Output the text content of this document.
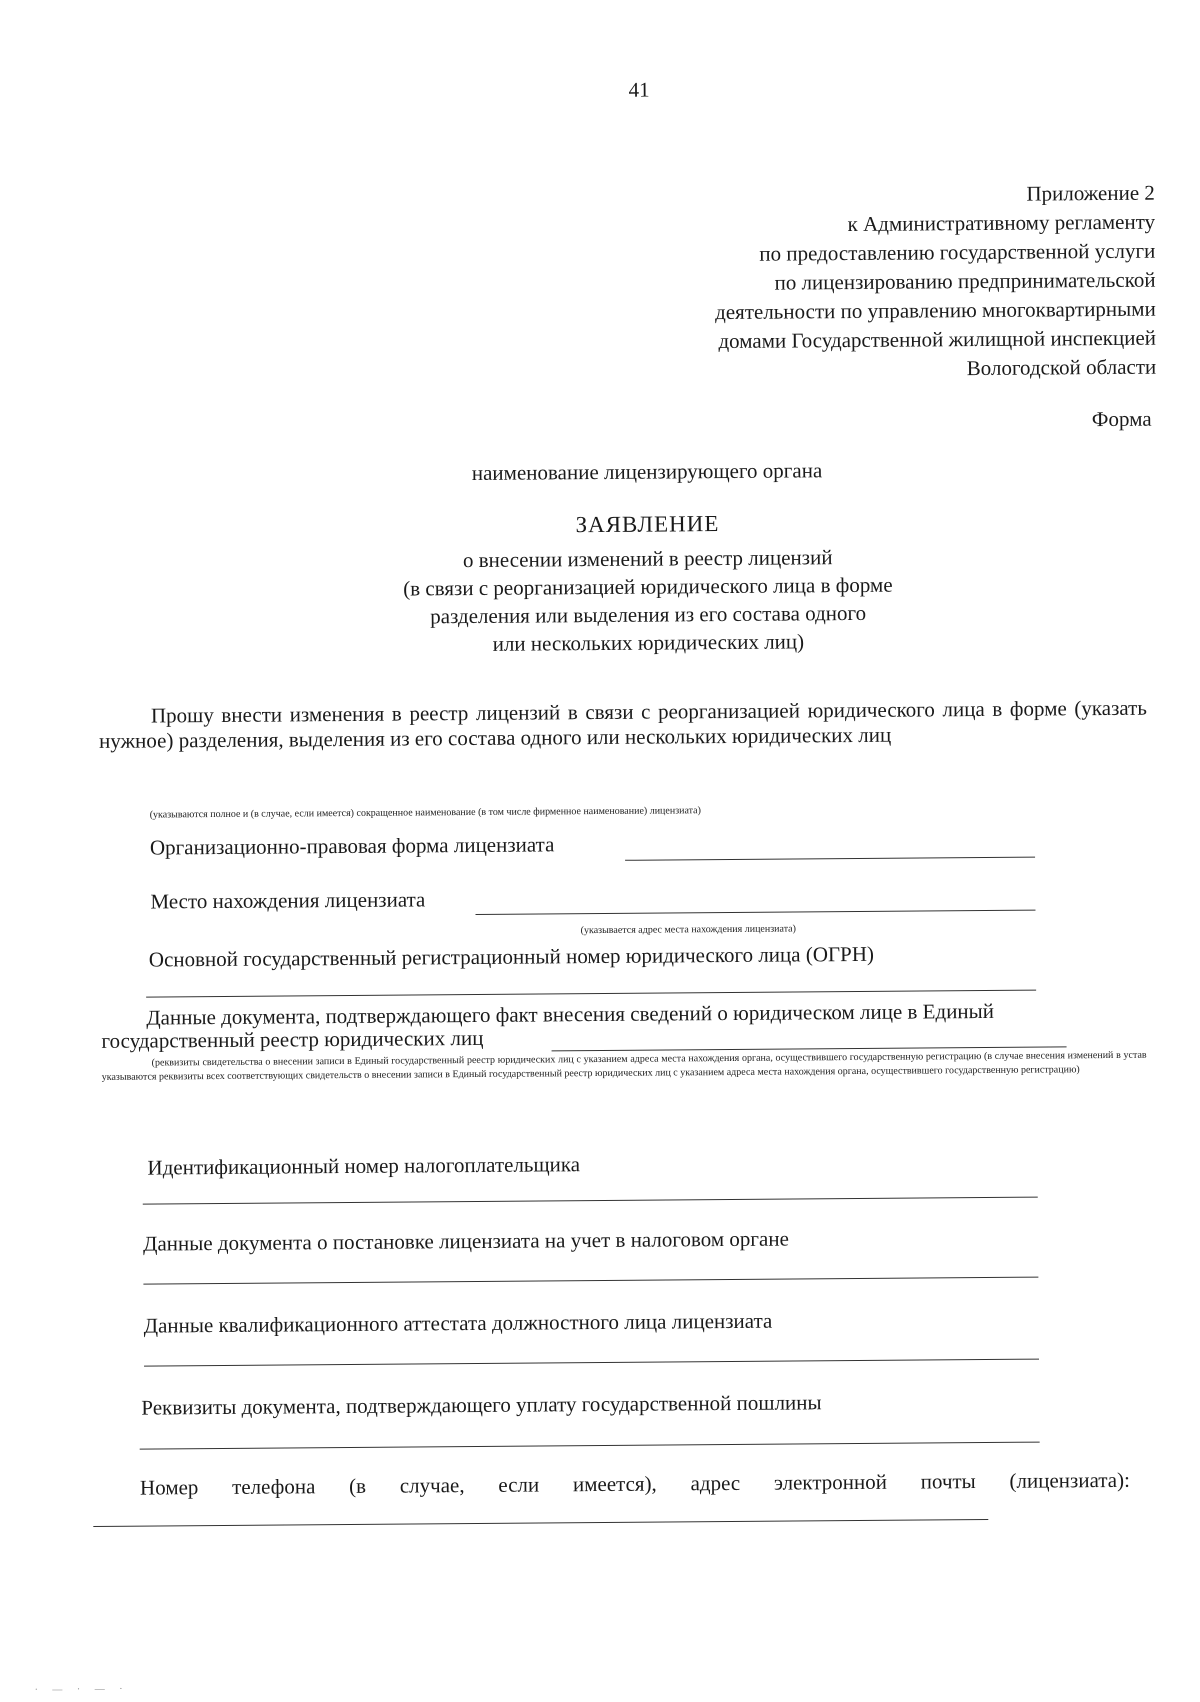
41
Приложение 2
к Административному регламенту
по предоставлению государственной услуги
по лицензированию предпринимательской
деятельности по управлению многоквартирными
домами Государственной жилищной инспекцией
Вологодской области
Форма
наименование лицензирующего органа
ЗАЯВЛЕНИЕ
о внесении изменений в реестр лицензий
(в связи с реорганизацией юридического лица в форме
разделения или выделения из его состава одного
или нескольких юридических лиц)
Прошу внести изменения в реестр лицензий в связи с реорганизацией юридического лица в форме (указать нужное) разделения, выделения из его состава одного или нескольких юридических лиц
(указываются полное и (в случае, если имеется) сокращенное наименование (в том числе фирменное наименование) лицензиата)
Организационно-правовая форма лицензиата
Место нахождения лицензиата
(указывается адрес места нахождения лицензиата)
Основной государственный регистрационный номер юридического лица (ОГРН)
Данные документа, подтверждающего факт внесения сведений о юридическом лице в Единый
государственный реестр юридических лиц
(реквизиты свидетельства о внесении записи в Единый государственный реестр юридических лиц с указанием адреса места нахождения органа, осуществившего государственную регистрацию (в случае внесения изменений в устав указываются реквизиты всех соответствующих свидетельств о внесении записи в Единый государственный реестр юридических лиц с указанием адреса места нахождения органа, осуществившего государственную регистрацию)
Идентификационный номер налогоплательщика
Данные документа о постановке лицензиата на учет в налоговом органе
Данные квалификационного аттестата должностного лица лицензиата
Реквизиты документа, подтверждающего уплату государственной пошлины
Номер телефона (в случае, если имеется), адрес электронной почты (лицензиата):
· — · — ·
